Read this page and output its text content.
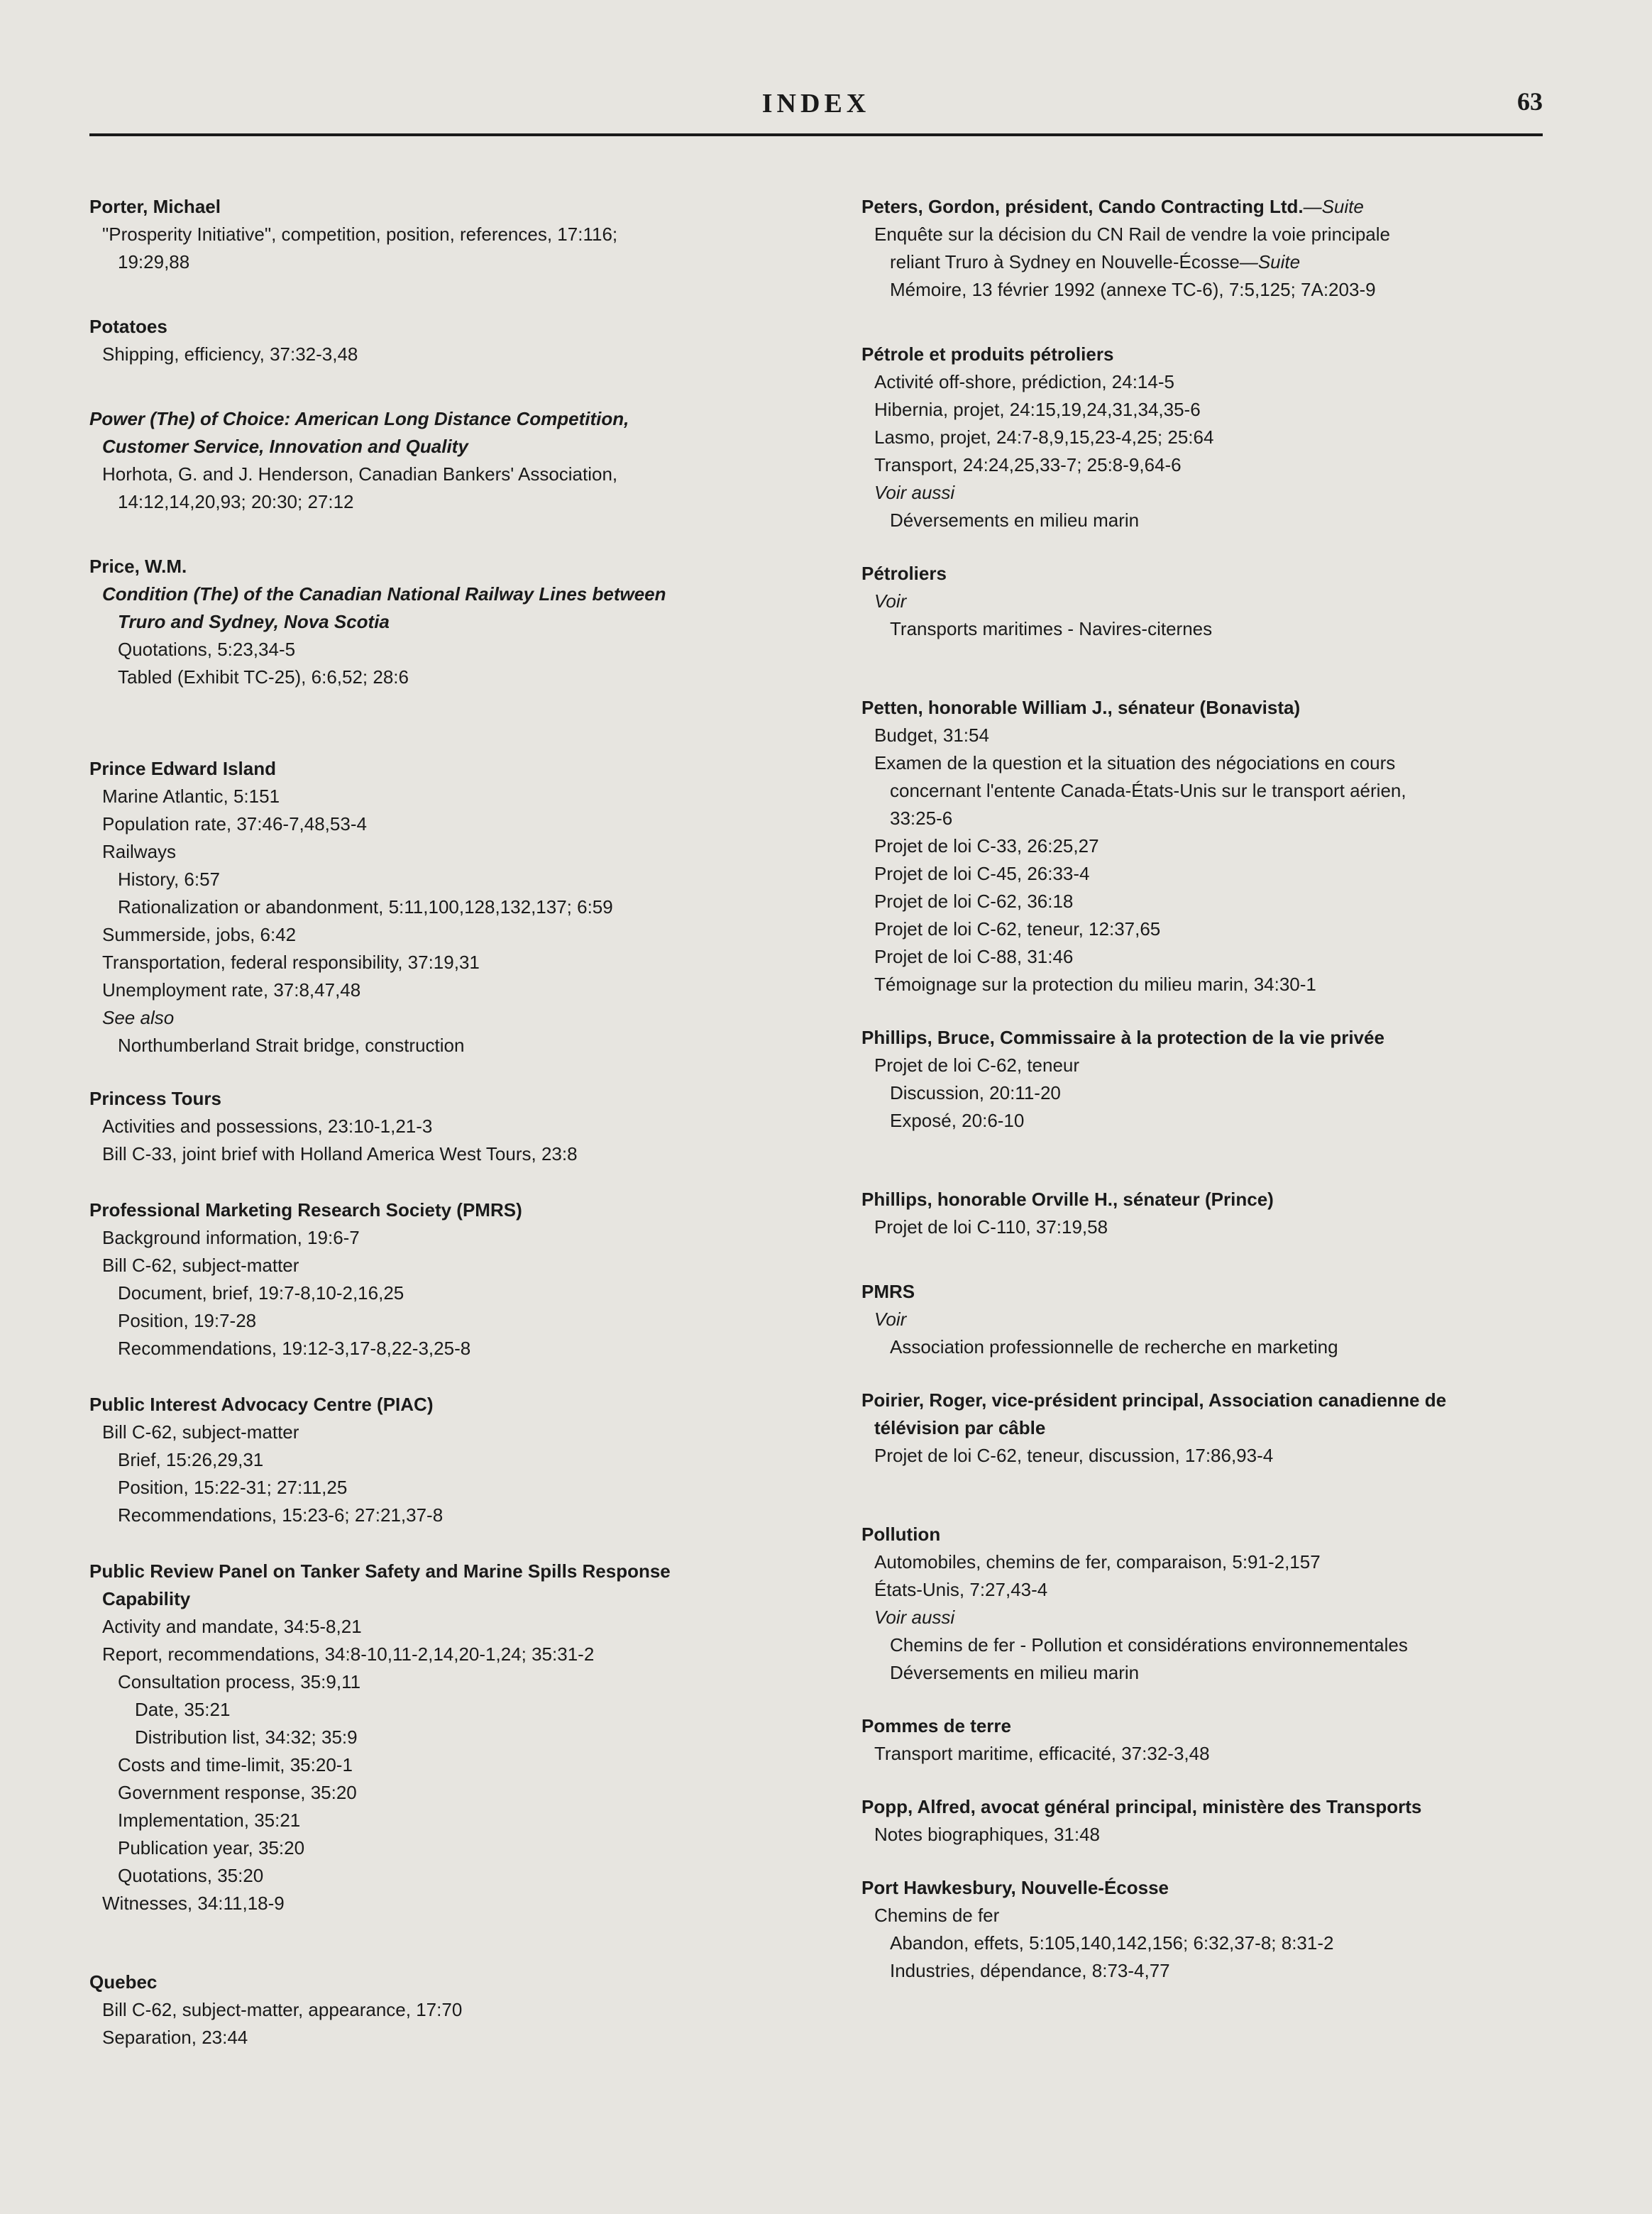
INDEX	63
Porter, Michael
"Prosperity Initiative", competition, position, references, 17:116;
19:29,88
Potatoes
Shipping, efficiency, 37:32-3,48
Power (The) of Choice: American Long Distance Competition,
Customer Service, Innovation and Quality
Horhota, G. and J. Henderson, Canadian Bankers' Association,
14:12,14,20,93; 20:30; 27:12
Price, W.M.
Condition (The) of the Canadian National Railway Lines between
Truro and Sydney, Nova Scotia
Quotations, 5:23,34-5
Tabled (Exhibit TC-25), 6:6,52; 28:6
Prince Edward Island
Marine Atlantic, 5:151
Population rate, 37:46-7,48,53-4
Railways
History, 6:57
Rationalization or abandonment, 5:11,100,128,132,137; 6:59
Summerside, jobs, 6:42
Transportation, federal responsibility, 37:19,31
Unemployment rate, 37:8,47,48
See also
Northumberland Strait bridge, construction
Princess Tours
Activities and possessions, 23:10-1,21-3
Bill C-33, joint brief with Holland America West Tours, 23:8
Professional Marketing Research Society (PMRS)
Background information, 19:6-7
Bill C-62, subject-matter
Document, brief, 19:7-8,10-2,16,25
Position, 19:7-28
Recommendations, 19:12-3,17-8,22-3,25-8
Public Interest Advocacy Centre (PIAC)
Bill C-62, subject-matter
Brief, 15:26,29,31
Position, 15:22-31; 27:11,25
Recommendations, 15:23-6; 27:21,37-8
Public Review Panel on Tanker Safety and Marine Spills Response
Capability
Activity and mandate, 34:5-8,21
Report, recommendations, 34:8-10,11-2,14,20-1,24; 35:31-2
Consultation process, 35:9,11
Date, 35:21
Distribution list, 34:32; 35:9
Costs and time-limit, 35:20-1
Government response, 35:20
Implementation, 35:21
Publication year, 35:20
Quotations, 35:20
Witnesses, 34:11,18-9
Quebec
Bill C-62, subject-matter, appearance, 17:70
Separation, 23:44
Peters, Gordon, président, Cando Contracting Ltd.—Suite
Enquête sur la décision du CN Rail de vendre la voie principale
reliant Truro à Sydney en Nouvelle-Écosse—Suite
Mémoire, 13 février 1992 (annexe TC-6), 7:5,125; 7A:203-9
Pétrole et produits pétroliers
Activité off-shore, prédiction, 24:14-5
Hibernia, projet, 24:15,19,24,31,34,35-6
Lasmo, projet, 24:7-8,9,15,23-4,25; 25:64
Transport, 24:24,25,33-7; 25:8-9,64-6
Voir aussi
Déversements en milieu marin
Pétroliers
Voir
Transports maritimes - Navires-citernes
Petten, honorable William J., sénateur (Bonavista)
Budget, 31:54
Examen de la question et la situation des négociations en cours
concernant l'entente Canada-États-Unis sur le transport aérien,
33:25-6
Projet de loi C-33, 26:25,27
Projet de loi C-45, 26:33-4
Projet de loi C-62, 36:18
Projet de loi C-62, teneur, 12:37,65
Projet de loi C-88, 31:46
Témoignage sur la protection du milieu marin, 34:30-1
Phillips, Bruce, Commissaire à la protection de la vie privée
Projet de loi C-62, teneur
Discussion, 20:11-20
Exposé, 20:6-10
Phillips, honorable Orville H., sénateur (Prince)
Projet de loi C-110, 37:19,58
PMRS
Voir
Association professionnelle de recherche en marketing
Poirier, Roger, vice-président principal, Association canadienne de
télévision par câble
Projet de loi C-62, teneur, discussion, 17:86,93-4
Pollution
Automobiles, chemins de fer, comparaison, 5:91-2,157
États-Unis, 7:27,43-4
Voir aussi
Chemins de fer - Pollution et considérations environnementales
Déversements en milieu marin
Pommes de terre
Transport maritime, efficacité, 37:32-3,48
Popp, Alfred, avocat général principal, ministère des Transports
Notes biographiques, 31:48
Port Hawkesbury, Nouvelle-Écosse
Chemins de fer
Abandon, effets, 5:105,140,142,156; 6:32,37-8; 8:31-2
Industries, dépendance, 8:73-4,77
